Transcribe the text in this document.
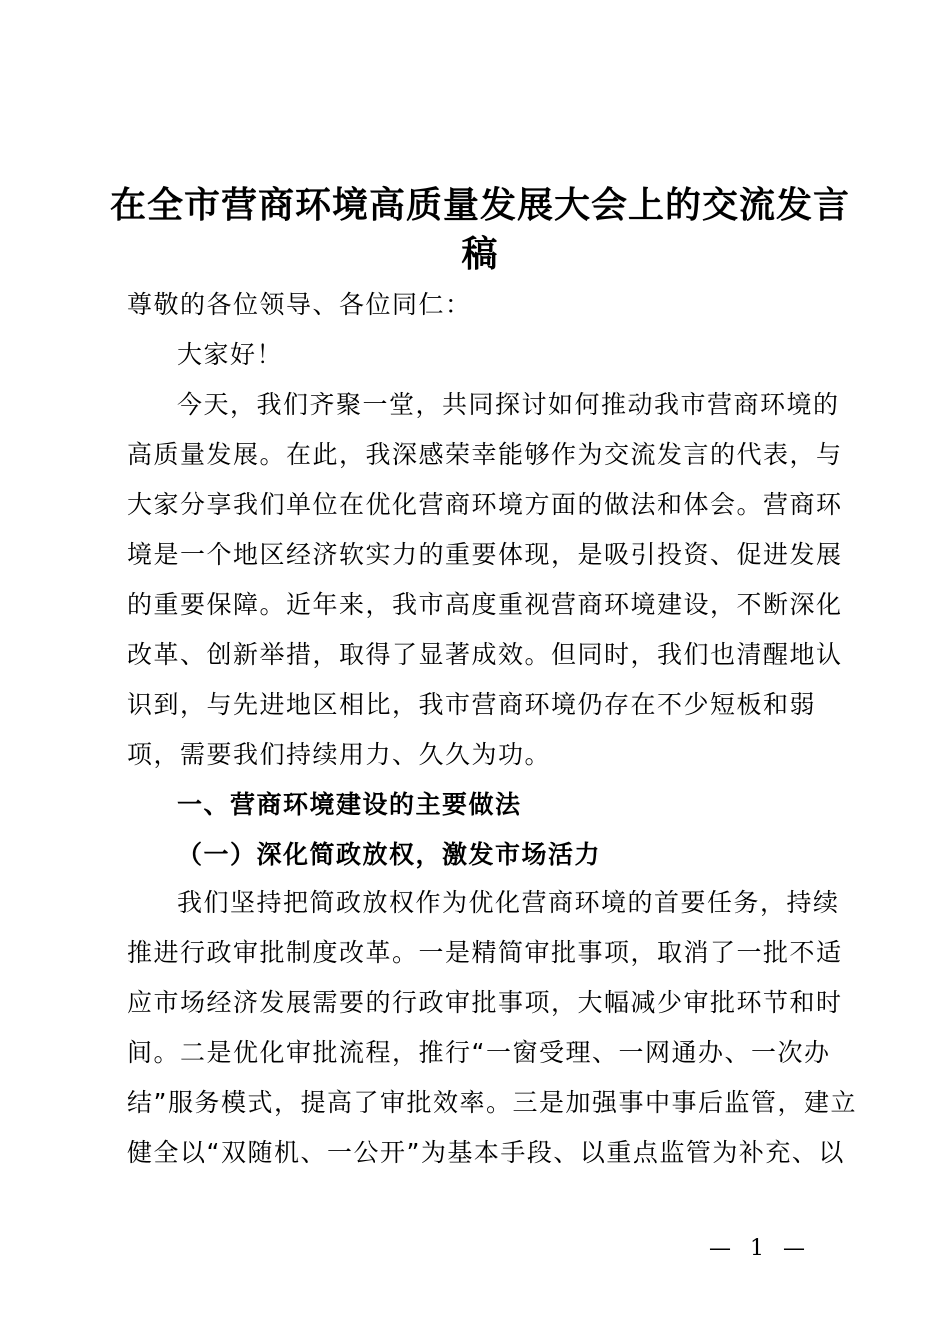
在全市营商环境高质量发展大会上的交流发言
稿

尊敬的各位领导、各位同仁：

大家好！

今天，我们齐聚一堂，共同探讨如何推动我市营商环境的高质量发展。在此，我深感荣幸能够作为交流发言的代表，与大家分享我们单位在优化营商环境方面的做法和体会。营商环境是一个地区经济软实力的重要体现，是吸引投资、促进发展的重要保障。近年来，我市高度重视营商环境建设，不断深化改革、创新举措，取得了显著成效。但同时，我们也清醒地认识到，与先进地区相比，我市营商环境仍存在不少短板和弱项，需要我们持续用力、久久为功。

一、营商环境建设的主要做法

（一）深化简政放权，激发市场活力

我们坚持把简政放权作为优化营商环境的首要任务，持续推进行政审批制度改革。一是精简审批事项，取消了一批不适应市场经济发展需要的行政审批事项，大幅减少审批环节和时间。二是优化审批流程，推行“一窗受理、一网通办、一次办结”服务模式，提高了审批效率。三是加强事中事后监管，建立健全以“双随机、一公开”为基本手段、以重点监管为补充、以

— 1 —
